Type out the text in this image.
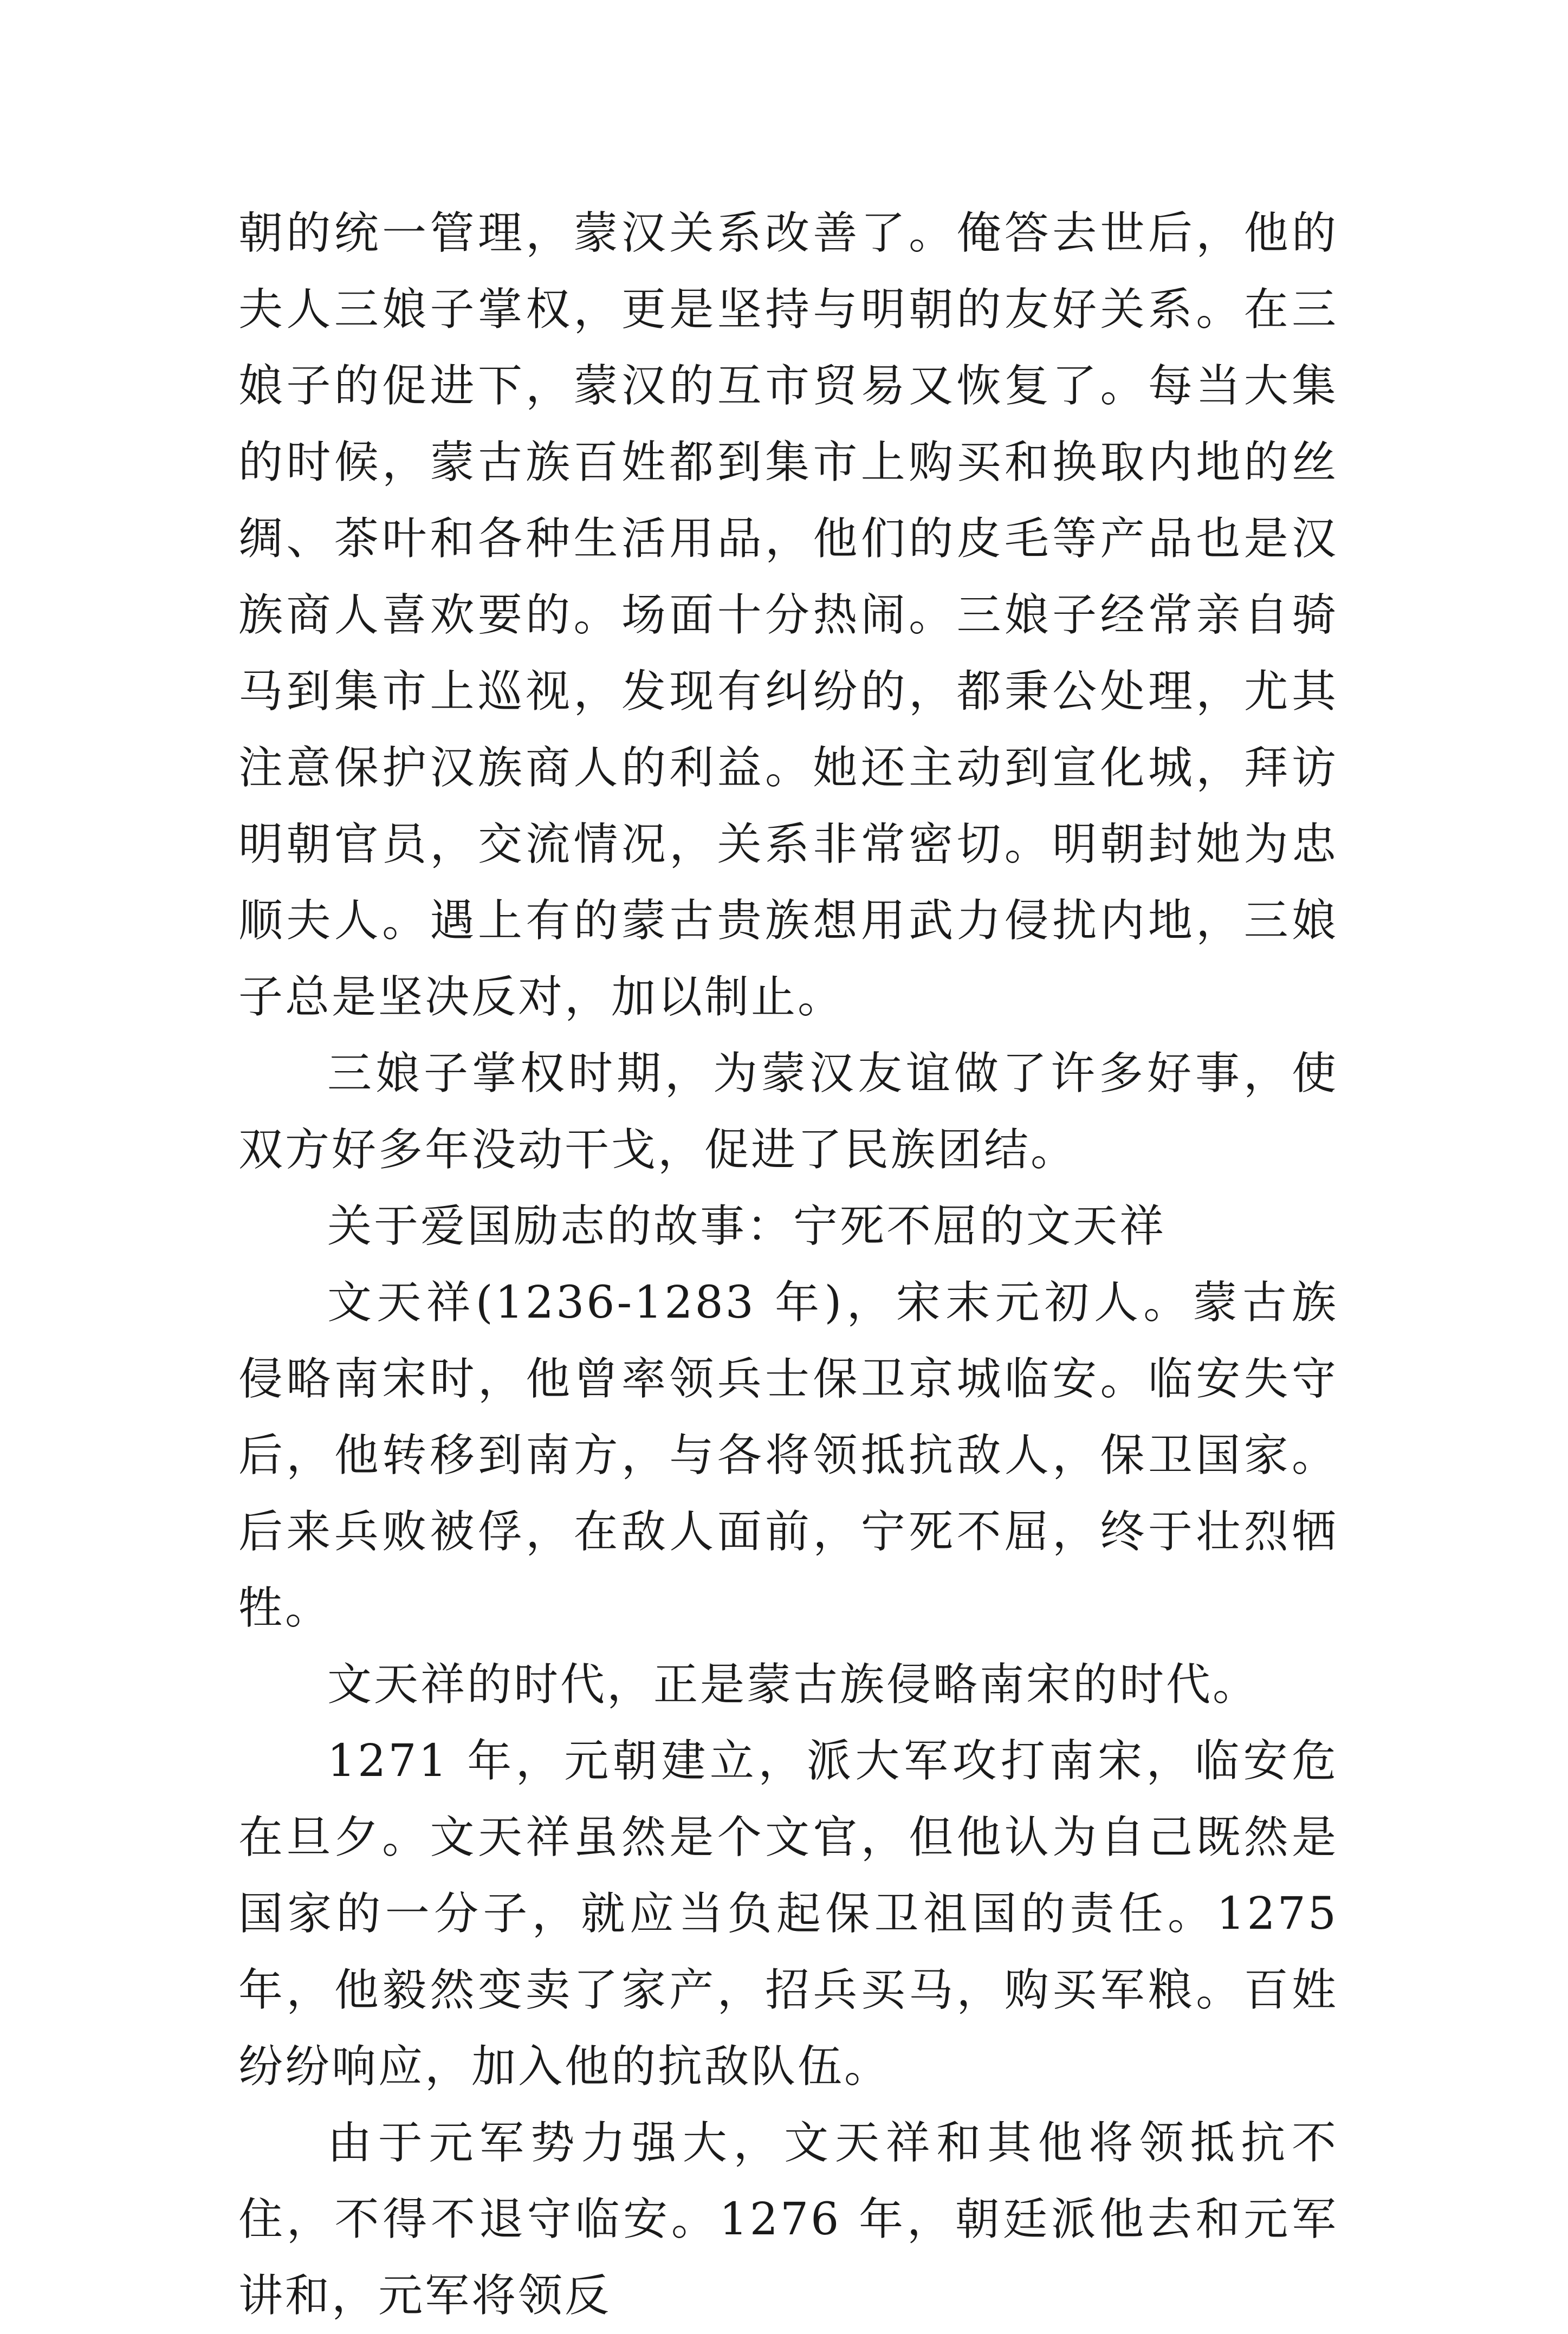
朝的统一管理，蒙汉关系改善了。俺答去世后，他的夫人三娘子掌权，更是坚持与明朝的友好关系。在三娘子的促进下，蒙汉的互市贸易又恢复了。每当大集的时候，蒙古族百姓都到集市上购买和换取内地的丝绸、茶叶和各种生活用品，他们的皮毛等产品也是汉族商人喜欢要的。场面十分热闹。三娘子经常亲自骑马到集市上巡视，发现有纠纷的，都秉公处理，尤其注意保护汉族商人的利益。她还主动到宣化城，拜访明朝官员，交流情况，关系非常密切。明朝封她为忠顺夫人。遇上有的蒙古贵族想用武力侵扰内地，三娘子总是坚决反对，加以制止。

三娘子掌权时期，为蒙汉友谊做了许多好事，使双方好多年没动干戈，促进了民族团结。

关于爱国励志的故事：宁死不屈的文天祥

文天祥(1236-1283 年)，宋末元初人。蒙古族侵略南宋时，他曾率领兵士保卫京城临安。临安失守后，他转移到南方，与各将领抵抗敌人，保卫国家。后来兵败被俘，在敌人面前，宁死不屈，终于壮烈牺牲。

文天祥的时代，正是蒙古族侵略南宋的时代。

1271 年，元朝建立，派大军攻打南宋，临安危在旦夕。文天祥虽然是个文官，但他认为自己既然是国家的一分子，就应当负起保卫祖国的责任。1275 年，他毅然变卖了家产，招兵买马，购买军粮。百姓纷纷响应，加入他的抗敌队伍。

由于元军势力强大，文天祥和其他将领抵抗不住，不得不退守临安。1276 年，朝廷派他去和元军讲和，元军将领反
